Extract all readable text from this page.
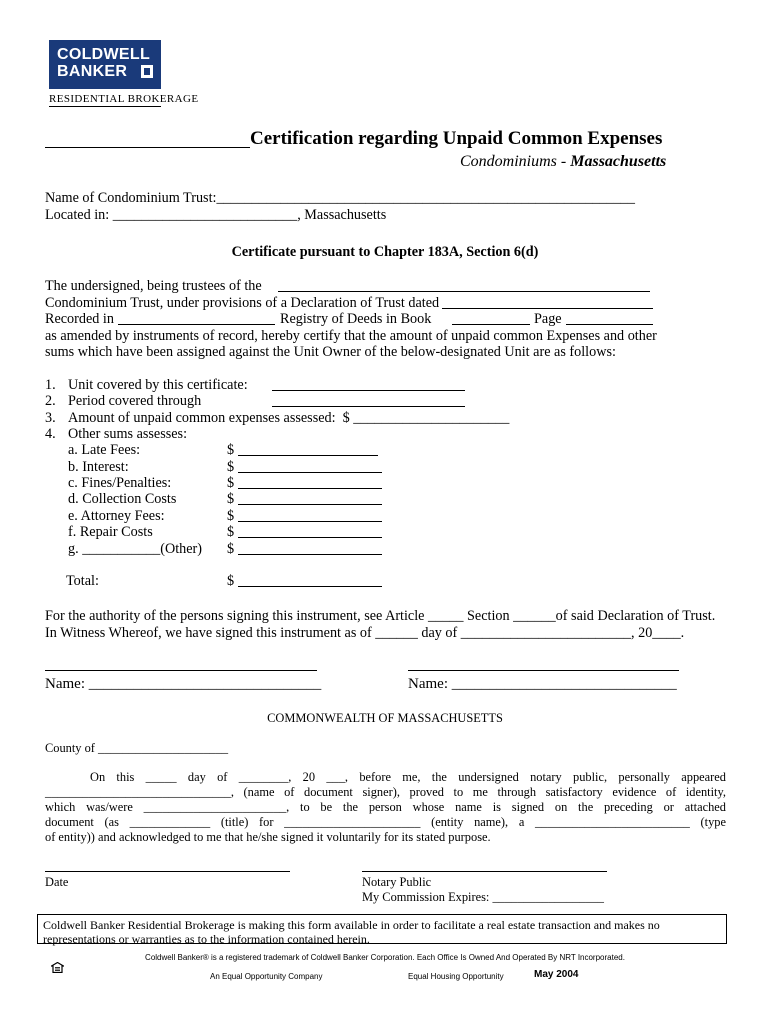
COLDWELL
BANKER
RESIDENTIAL BROKERAGE
Certification regarding Unpaid Common Expenses
Condominiums - Massachusetts
Name of Condominium Trust:___________________________________________________________
Located in: __________________________, Massachusetts
Certificate pursuant to Chapter 183A, Section 6(d)
The undersigned, being trustees of the
Condominium Trust, under provisions of a Declaration of Trust dated
Recorded in	Registry of Deeds in Book	Page
as amended by instruments of record, hereby certify that the amount of unpaid common Expenses and other
sums which have been assigned against the Unit Owner of the below-designated Unit are as follows:
1. Unit covered by this certificate:
2. Period covered through
3. Amount of unpaid common expenses assessed:  $ ______________________
4. Other sums assesses:
a. Late Fees:	$
b. Interest:	$
c. Fines/Penalties:	$
d. Collection Costs	$
e. Attorney Fees:	$
f. Repair Costs	$
g. ___________(Other) $
Total:	$
For the authority of the persons signing this instrument, see Article _____ Section ______of said Declaration of Trust.
In Witness Whereof, we have signed this instrument as of ______ day of ________________________, 20____.
Name: _______________________________	Name: ______________________________
COMMONWEALTH OF MASSACHUSETTS
County of _____________________
On this _____ day of ________, 20 ___, before me, the undersigned notary public, personally appeared
______________________________, (name of document signer), proved to me through satisfactory evidence of identity,
which was/were _______________________, to be the person whose name is signed on the preceding or attached
document (as _____________ (title) for ______________________ (entity name), a _________________________ (type
of entity)) and acknowledged to me that he/she signed it voluntarily for its stated purpose.
Date	Notary Public
My Commission Expires: __________________
Coldwell Banker Residential Brokerage is making this form available in order to facilitate a real estate transaction and makes no representations or warranties as to the information contained herein.
Coldwell Banker® is a registered trademark of Coldwell Banker Corporation. Each Office Is Owned And Operated By NRT Incorporated.
An Equal Opportunity Company	Equal Housing Opportunity	May 2004
